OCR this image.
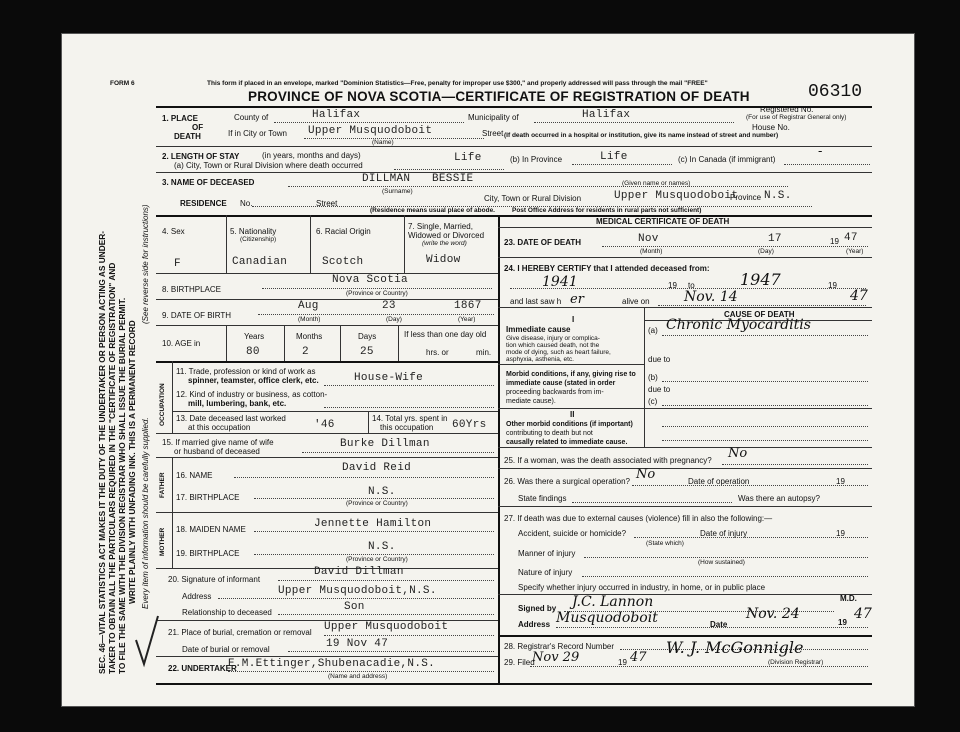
SEC. 46—VITAL STATISTICS ACT MAKES IT THE DUTY OF THE UNDERTAKER OR PERSON ACTING AS UNDER- TAKER TO OBTAIN ALL THE PARTICULARS REQUIRED IN THE "CERTIFICATE OF REGISTRATION" AND TO FILE THE SAME WITH THE DIVISION REGISTRAR WHO SHALL ISSUE THE BURIAL PERMIT. WRITE PLAINLY WITH UNFADING INK. THIS IS A PERMANENT RECORD Every item of information should be carefully supplied.
(See reverse side for instructions)
FORM 6	This form if placed in an envelope, marked "Dominion Statistics—Free, penalty for improper use $300," and properly addressed will pass through the mail "FREE"
PROVINCE OF NOVA SCOTIA—CERTIFICATE OF REGISTRATION OF DEATH	06310
1. PLACE
OF
DEATH
County of	Halifax	Municipality of	Halifax	Registered No.
(For use of Registrar General only)
If in City or Town Upper Musquodoboit
(Name)
Street
House No.
(If death occurred in a hospital or institution, give its name instead of street and number)
2. LENGTH OF STAY	(in years, months and days)
(a) City, Town or Rural Division where death occurred
Life	(b) In Province	Life	(c) In Canada (if immigrant)
-
3. NAME OF DECEASED	DILLMAN BESSIE
(Surname)
(Given name or names)
RESIDENCE No.	Street
City, Town or Rural Division	Upper Musquodoboit
Province N.S.
(Residence means usual place of abode.	Post Office Address for residents in rural parts not sufficient)
4. Sex
F
5. Nationality
(Citizenship)
Canadian
6. Racial Origin
Scotch
7. Single, Married,
Widowed or Divorced
(write the word)
Widow
8. BIRTHPLACE
Nova Scotia
(Province or Country)
9. DATE OF BIRTH
Aug	23	1867
(Month)	(Day)	(Year)
10. AGE in
Years	Months	Days
80	2	25
If less than one day old
hrs. or	min.
OCCUPATION
11. Trade, profession or kind of work as
spinner, teamster, office clerk, etc.	House-Wife
12. Kind of industry or business, as cotton-
mill, lumbering, bank, etc.
13. Date deceased last worked
at this occupation	'46
14. Total yrs. spent in
this occupation 60Yrs
15. If married give name of wife
or husband of deceased
Burke Dillman
FATHER 16. NAME
David Reid
17. BIRTHPLACE	N.S.
(Province or Country)
MOTHER 18. MAIDEN NAME	Jennette Hamilton
19. BIRTHPLACE
N.S.
(Province or Country)
20. Signature of informant
David Dillman
Address	Upper Musquodoboit,N.S.
Relationship to deceased	Son
21. Place of burial, cremation or removal Upper Musquodoboit
Date of burial or removal	19 Nov 47
22. UNDERTAKER
E.M.Ettinger,Shubenacadie,N.S.
(Name and address)
MEDICAL CERTIFICATE OF DEATH
23. DATE OF DEATH	Nov	17	19 47
(Month)	(Day)	(Year)
24. I HEREBY CERTIFY that I attended deceased from:
1941	19 to	1947	19
and last saw h er	alive on Nov. 14	47
CAUSE OF DEATH
I
Immediate cause
Give disease, injury or complica-
tion which caused death, not the
mode of dying, such as heart failure,
asphyxia, asthenia, etc.
(a) Chronic Myocarditis
due to
(b)
due to
(c)
Morbid conditions, if any, giving rise to
immediate cause (stated in order
proceeding backwards from im-
mediate cause).
II
Other morbid conditions (if important)
contributing to death but not
causally related to immediate cause.
25. If a woman, was the death associated with pregnancy? No
26. Was there a surgical operation? No	Date of operation	19
State findings	Was there an autopsy?
27. If death was due to external causes (violence) fill in also the following:—
Accident, suicide or homicide?	Date of injury	19
(State which)
Manner of injury
(How sustained)
Nature of injury
Specify whether injury occurred in industry, in home, or in public place
Signed by J.C. Lannon	M.D.
Address Musquodoboit	Date
Nov. 24
19
47
28. Registrar's Record Number
29. Filed
Nov 29	19 47
W. J. McGonnigle
(Division Registrar)
